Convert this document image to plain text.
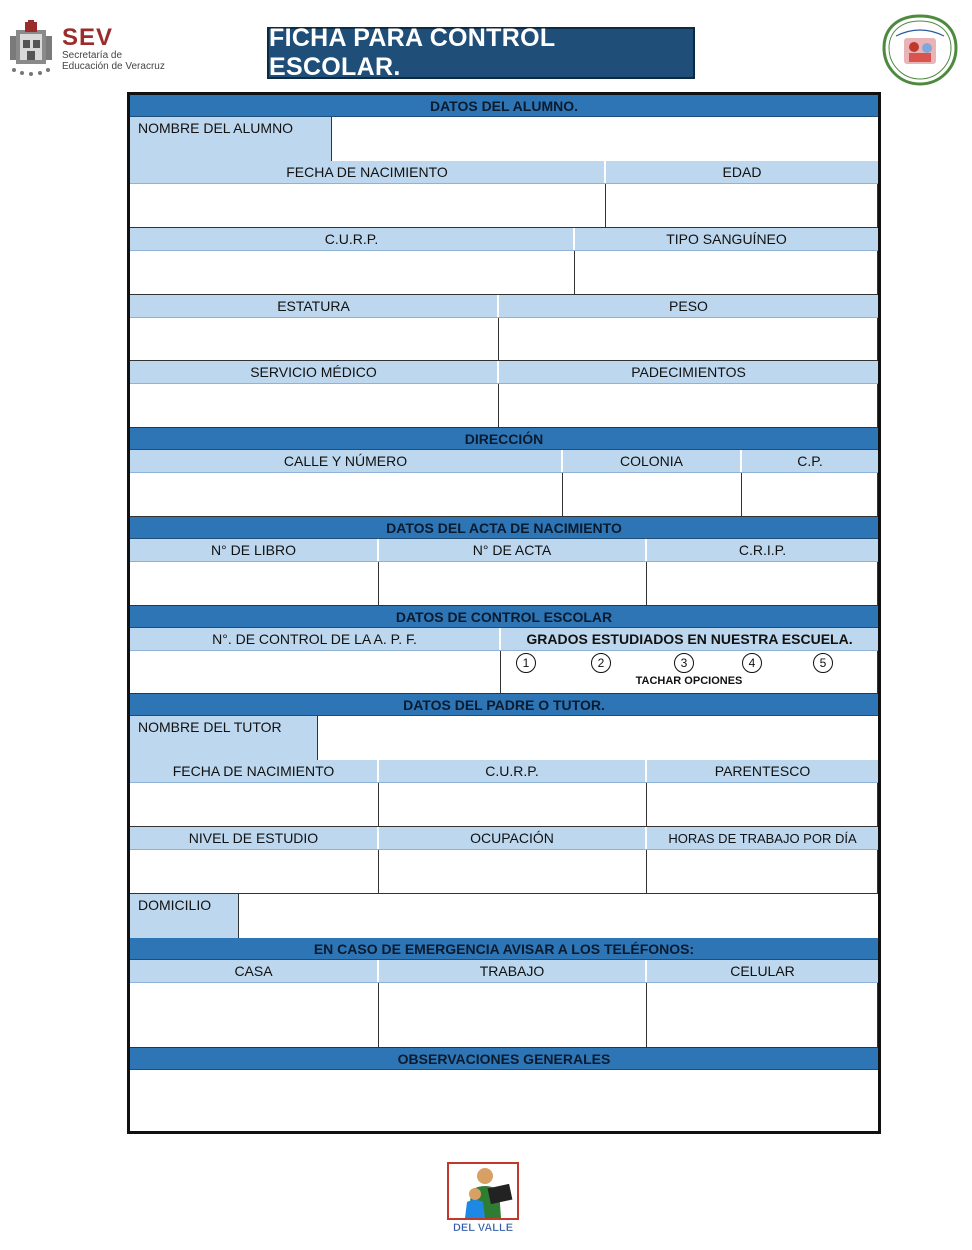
SEV
Secretaría de
Educación de Veracruz
FICHA PARA CONTROL ESCOLAR.
DATOS DEL ALUMNO.
NOMBRE DEL ALUMNO
FECHA DE NACIMIENTO	EDAD
C.U.R.P.	TIPO SANGUÍNEO
ESTATURA	PESO
SERVICIO MÉDICO	PADECIMIENTOS
DIRECCIÓN
CALLE Y NÚMERO	COLONIA	C.P.
DATOS DEL ACTA DE NACIMIENTO
N° DE LIBRO	N° DE ACTA	C.R.I.P.
DATOS DE CONTROL ESCOLAR
N°. DE CONTROL DE LA A. P. F.	GRADOS ESTUDIADOS EN NUESTRA ESCUELA.
1	2	3	4	5
TACHAR OPCIONES
DATOS DEL PADRE O TUTOR.
NOMBRE DEL TUTOR
FECHA DE NACIMIENTO	C.U.R.P.	PARENTESCO
NIVEL DE ESTUDIO	OCUPACIÓN	HORAS DE TRABAJO POR DÍA
DOMICILIO
EN CASO DE EMERGENCIA AVISAR A LOS TELÉFONOS:
CASA	TRABAJO	CELULAR
OBSERVACIONES GENERALES
DEL VALLE
